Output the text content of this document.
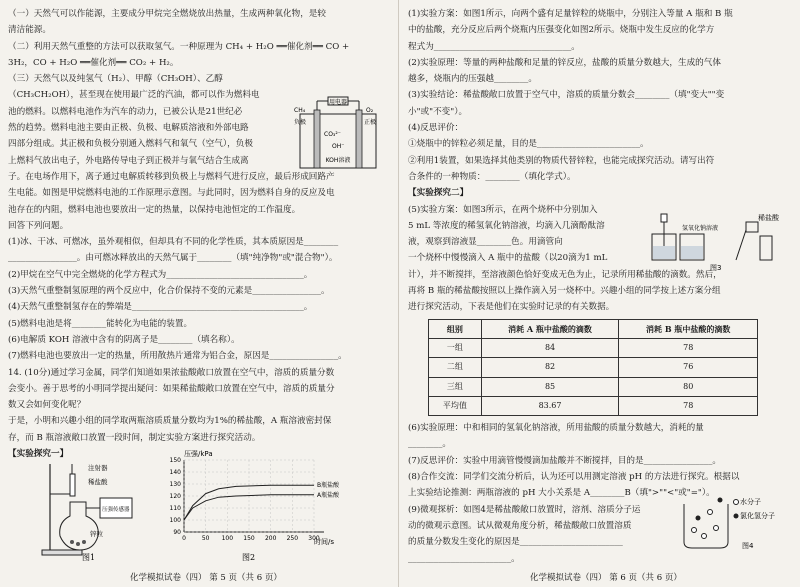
（一）天然气可以作能源，主要成分甲烷完全燃烧放出热量，生成两种氧化物，是较
清洁能源。
（二）利用天然气重整的方法可以获取氢气。一种原理为 CH₄ + H₂O ══催化剂══ CO +
3H₂，CO + H₂O ══催化剂══ CO₂ + H₂。
（三）天然气以及纯氢气（H₂）、甲醇（CH₃OH）、乙醇
（CH₃CH₂OH），甚至现在使用最广泛的汽油，都可以作为燃料电
池的燃料。以燃料电池作为汽车的动力，已被公认是21世纪必
然的趋势。燃料电池主要由正极、负极、电解质溶液和外部电路
四部分组成。其正极和负极分别通入燃料气和氧气（空气），负极
上燃料气放出电子，外电路传导电子到正极并与氧气结合生成离
子。在电场作用下，离子通过电解质转移到负极上与燃料气进行反应，最后形成回路产
生电能。如图是甲烷燃料电池的工作原理示意图。与此同时，因为燃料自身的反应及电
池存在的内阻，燃料电池也要放出一定的热量，以保持电池恒定的工作温度。
回答下列问题。
(1)冰、干冰、可燃冰，虽外观相似，但却具有不同的化学性质，其本质原因是________
________________。由可燃冰释放出的天然气属于________（填"纯净物"或"混合物"）。
(2)甲烷在空气中完全燃烧的化学方程式为________________________________。
(3)天然气重整制氢原理的两个反应中，化合价保持不变的元素是________________。
(4)天然气重整制氢存在的弊端是________________________________________。
(5)燃料电池是将________能转化为电能的装置。
(6)电解质 KOH 溶液中含有的阴离子是________（填名称）。
(7)燃料电池也要放出一定的热量，所用散热片通常为铝合金，原因是________________。
14. (10分)通过学习金属，同学们知道如果浓盐酸敞口放置在空气中，溶质的质量分数
会变小。善于思考的小明同学提出疑问：如果稀盐酸敞口放置在空气中，溶质的质量分
数又会如何变化呢？
于是，小明和兴趣小组的同学取两瓶溶质质量分数均为1%的稀盐酸，A 瓶溶液密封保
存，而 B 瓶溶液敞口放置一段时间，制定实验方案进行探究活动。
【实验探究一】
用电器
负极	正极
CH₄	O₂
CO₃²⁻
OH⁻
KOH溶液
注射器
稀盐酸
压强传感器
锌粒
图1
压强/kPa
时间/s
0	50 100 150 200 250 300
90
100
110
120
130
140
150
B瓶盐酸
A瓶盐酸
图2
化学模拟试卷（四） 第 5 页（共 6 页）
(1)实验方案：如图1所示，向两个盛有足量锌粒的烧瓶中，分别注入等量 A 瓶和 B 瓶
中的盐酸，充分反应后两个烧瓶内压强变化如图2所示。烧瓶中发生反应的化学方
程式为________________________________。
(2)实验原理：等量的两种盐酸和足量的锌反应，盐酸的质量分数越大，生成的气体
越多，烧瓶内的压强越________。
(3)实验结论：稀盐酸敞口放置于空气中，溶质的质量分数会________（填"变大""变
小"或"不变"）。
(4)反思评价：
①烧瓶中的锌粒必须足量，目的是________________________。
②利用1装置，如果选择其他类别的物质代替锌粒，也能完成探究活动。请写出符
合条件的一种物质：________（填化学式）。
【实验探究二】
(5)实验方案：如图3所示，在两个烧杯中分别加入
5 mL 等浓度的稀氢氧化钠溶液，均滴入几滴酚酞溶
液，观察到溶液显________色。用滴管向
一个烧杯中慢慢滴入 A 瓶中的盐酸（以20滴为1 mL
计），并不断搅拌，至溶液颜色恰好变成无色为止，记录所用稀盐酸的滴数。然后，
再将 B 瓶的稀盐酸按照以上操作滴入另一烧杯中。兴趣小组的同学按上述方案分组
进行探究活动，下表是他们在实验时记录的有关数据。
组别	消耗 A 瓶中盐酸的滴数	消耗 B 瓶中盐酸的滴数
一组	84	78
二组	82	76
三组	85	80
平均值	83.67	78
(6)实验原理：中和相同的氢氧化钠溶液，所用盐酸的质量分数越大，消耗的量
________。
(7)反思评价：实验中用滴管慢慢滴加盐酸并不断搅拌，目的是________________。
(8)合作交流：同学们交流分析后，认为还可以用测定溶液 pH 的方法进行探究。根据以
上实验结论推测：两瓶溶液的 pH 大小关系是 A________B（填">""<"或"="）。
(9)微观探析：如图4是稀盐酸敞口放置时，溶剂、溶质分子运
动的微观示意图。试从微观角度分析，稀盐酸敞口放置溶质
的质量分数发生变化的原因是________________________
________________________。
稀盐酸
氢氧化钠溶液
图3
水分子
氯化氢分子
图4
化学模拟试卷（四） 第 6 页（共 6 页）
